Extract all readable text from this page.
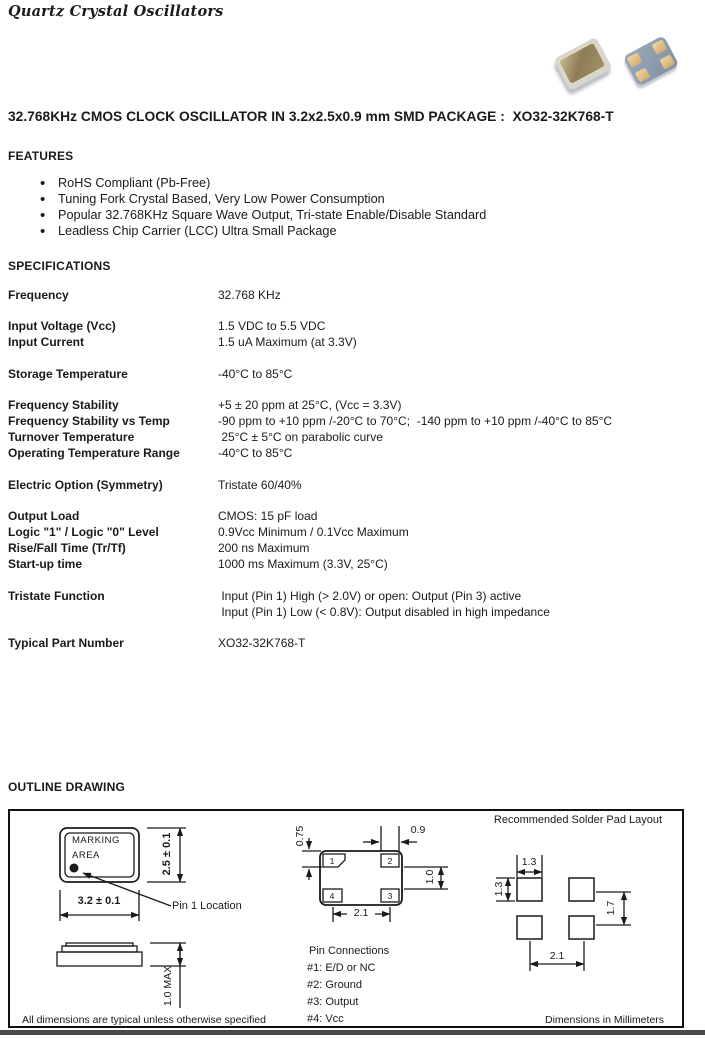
Quartz Crystal Oscillators
32.768KHz CMOS CLOCK OSCILLATOR IN 3.2x2.5x0.9 mm SMD PACKAGE :  XO32-32K768-T
FEATURES
• RoHS Compliant (Pb-Free)
• Tuning Fork Crystal Based, Very Low Power Consumption
• Popular 32.768KHz Square Wave Output, Tri-state Enable/Disable Standard
• Leadless Chip Carrier (LCC) Ultra Small Package
SPECIFICATIONS
Frequency	32.768 KHz
Input Voltage (Vcc)	1.5 VDC to 5.5 VDC
Input Current	1.5 uA Maximum (at 3.3V)
Storage Temperature	-40°C to 85°C
Frequency Stability	+5 ± 20 ppm at 25°C, (Vcc = 3.3V)
Frequency Stability vs Temp	-90 ppm to +10 ppm /-20°C to 70°C;  -140 ppm to +10 ppm /-40°C to 85°C
Turnover Temperature	25°C ± 5°C on parabolic curve
Operating Temperature Range	-40°C to 85°C
Electric Option (Symmetry)	Tristate 60/40%
Output Load	CMOS: 15 pF load
Logic "1" / Logic "0" Level	0.9Vcc Minimum / 0.1Vcc Maximum
Rise/Fall Time (Tr/Tf)	200 ns Maximum
Start-up time	1000 ms Maximum (3.3V, 25°C)
Tristate Function	Input (Pin 1) High (> 2.0V) or open: Output (Pin 3) active
Input (Pin 1) Low (< 0.8V): Output disabled in high impedance
Typical Part Number	XO32-32K768-T
OUTLINE DRAWING
MARKING
AREA	2.5 ± 0.1
3.2 ± 0.1	Pin 1 Location
1.0 MAX
All dimensions are typical unless otherwise specified
0.75	0.9
1.0
2.1
1	2
3
4
Pin Connections
#1: E/D or NC
#2: Ground
#3: Output
#4: Vcc
Recommended Solder Pad Layout
1.3
1.3
1.7
2.1
Dimensions in Millimeters
